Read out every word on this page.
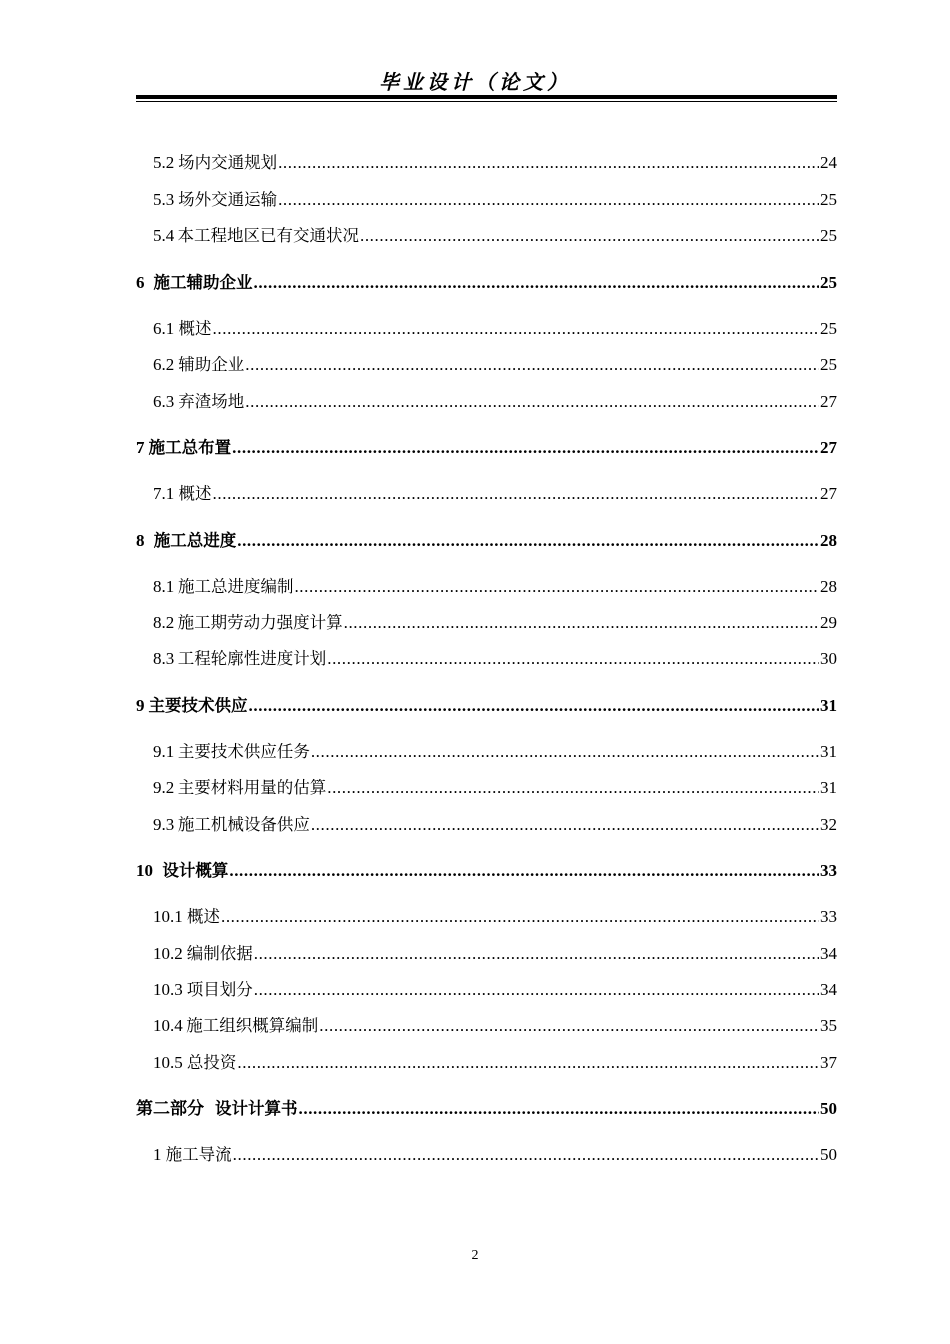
毕业设计（论文）
5.2 场内交通规划 .....	24
5.3 场外交通运输 .....	25
5.4 本工程地区已有交通状况 .....	25
6 施工辅助企业 .....	25
6.1 概述 .....	25
6.2 辅助企业 .....	25
6.3 弃渣场地 .....	27
7 施工总布置 .....	27
7.1 概述 .....	27
8 施工总进度 .....	28
8.1 施工总进度编制 .....	28
8.2 施工期劳动力强度计算 .....	29
8.3 工程轮廓性进度计划 .....	30
9 主要技术供应 .....	31
9.1 主要技术供应任务 .....	31
9.2 主要材料用量的估算 .....	31
9.3 施工机械设备供应 .....	32
10 设计概算 .....	33
10.1 概述 .....	33
10.2 编制依据 .....	34
10.3 项目划分 .....	34
10.4 施工组织概算编制 .....	35
10.5 总投资 .....	37
第二部分 设计计算书 .....	50
1 施工导流 .....	50
2
